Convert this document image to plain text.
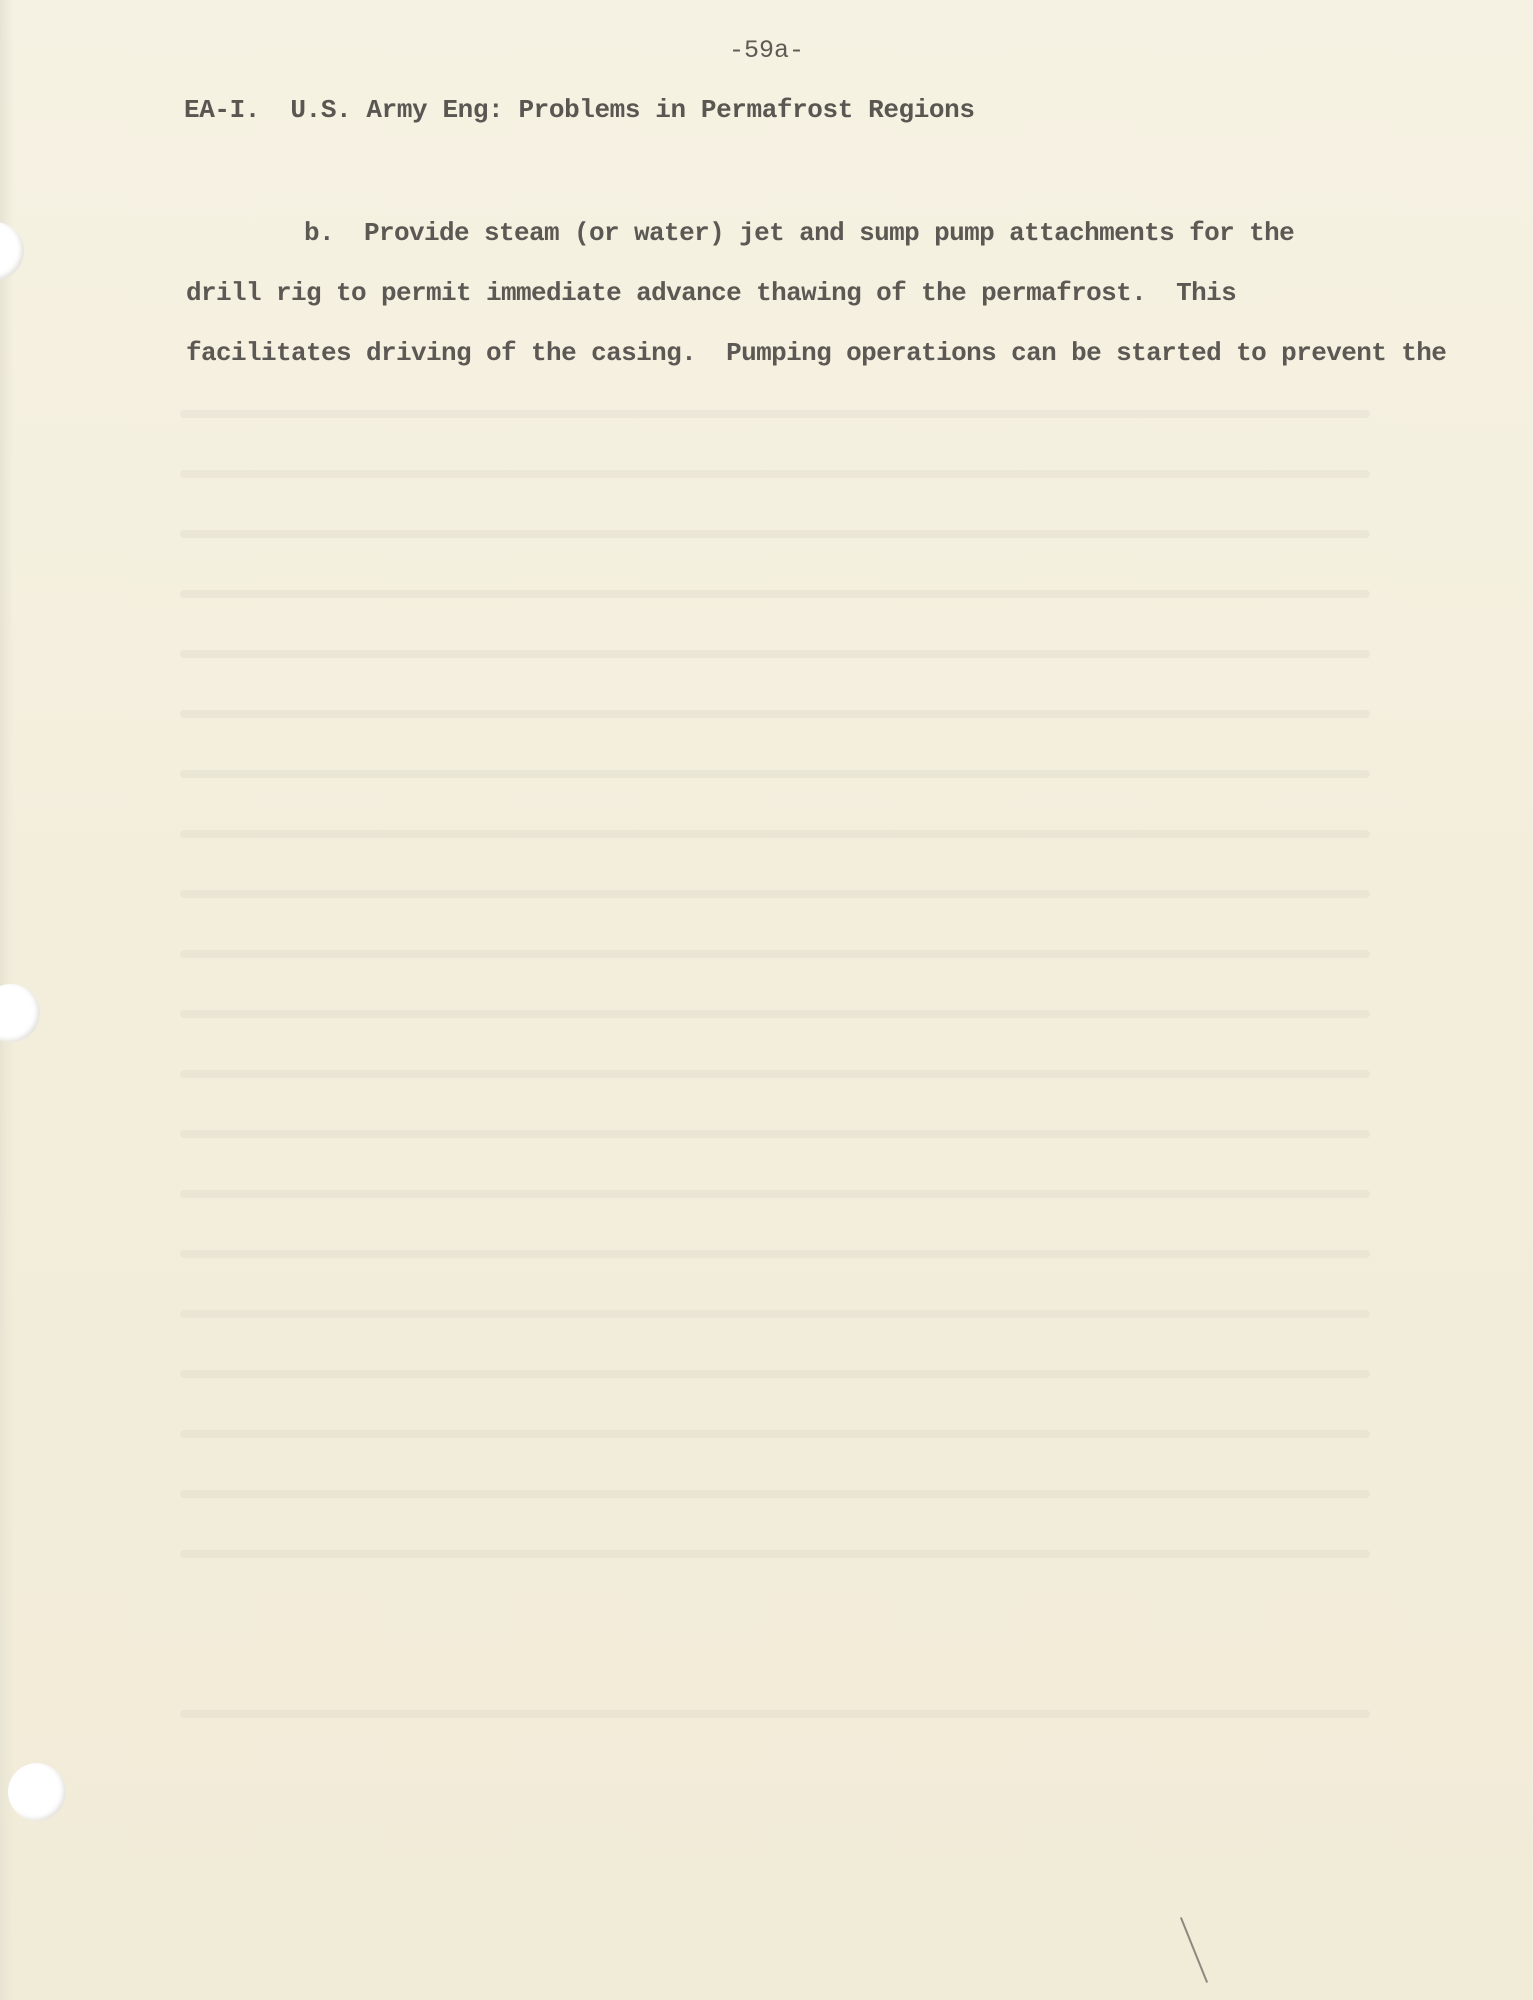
-59a-
EA-I.  U.S. Army Eng: Problems in Permafrost Regions
b.  Provide steam (or water) jet and sump pump attachments for the
drill rig to permit immediate advance thawing of the permafrost.  This
facilitates driving of the casing.  Pumping operations can be started to prevent the
